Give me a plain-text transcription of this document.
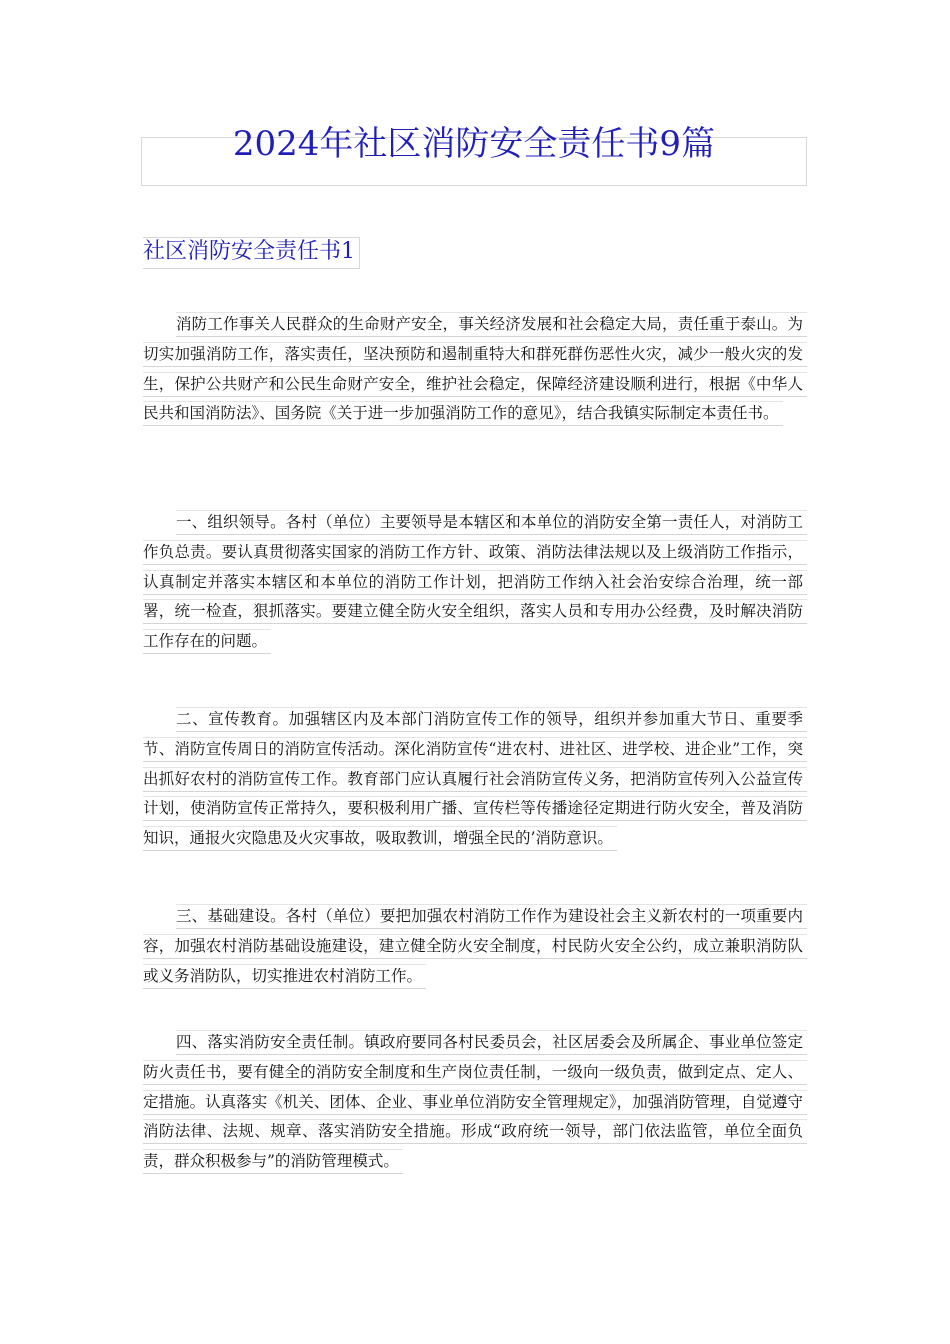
2024年社区消防安全责任书9篇
社区消防安全责任书1

消防工作事关人民群众的生命财产安全，事关经济发展和社会稳定大局，责任重于泰山。为切实加强消防工作，落实责任，坚决预防和遏制重特大和群死群伤恶性火灾，减少一般火灾的发生，保护公共财产和公民生命财产安全，维护社会稳定，保障经济建设顺利进行，根据《中华人民共和国消防法》、国务院《关于进一步加强消防工作的意见》，结合我镇实际制定本责任书。

一、组织领导。各村（单位）主要领导是本辖区和本单位的消防安全第一责任人，对消防工作负总责。要认真贯彻落实国家的消防工作方针、政策、消防法律法规以及上级消防工作指示，认真制定并落实本辖区和本单位的消防工作计划，把消防工作纳入社会治安综合治理，统一部署，统一检查，狠抓落实。要建立健全防火安全组织，落实人员和专用办公经费，及时解决消防工作存在的问题。

二、宣传教育。加强辖区内及本部门消防宣传工作的领导，组织并参加重大节日、重要季节、消防宣传周日的消防宣传活动。深化消防宣传“进农村、进社区、进学校、进企业”工作，突出抓好农村的消防宣传工作。教育部门应认真履行社会消防宣传义务，把消防宣传列入公益宣传计划，使消防宣传正常持久，要积极利用广播、宣传栏等传播途径定期进行防火安全，普及消防知识，通报火灾隐患及火灾事故，吸取教训，增强全民的’消防意识。

三、基础建设。各村（单位）要把加强农村消防工作作为建设社会主义新农村的一项重要内容，加强农村消防基础设施建设，建立健全防火安全制度，村民防火安全公约，成立兼职消防队或义务消防队，切实推进农村消防工作。

四、落实消防安全责任制。镇政府要同各村民委员会，社区居委会及所属企、事业单位签定防火责任书，要有健全的消防安全制度和生产岗位责任制，一级向一级负责，做到定点、定人、定措施。认真落实《机关、团体、企业、事业单位消防安全管理规定》，加强消防管理，自觉遵守消防法律、法规、规章、落实消防安全措施。形成“政府统一领导，部门依法监管，单位全面负责，群众积极参与”的消防管理模式。
